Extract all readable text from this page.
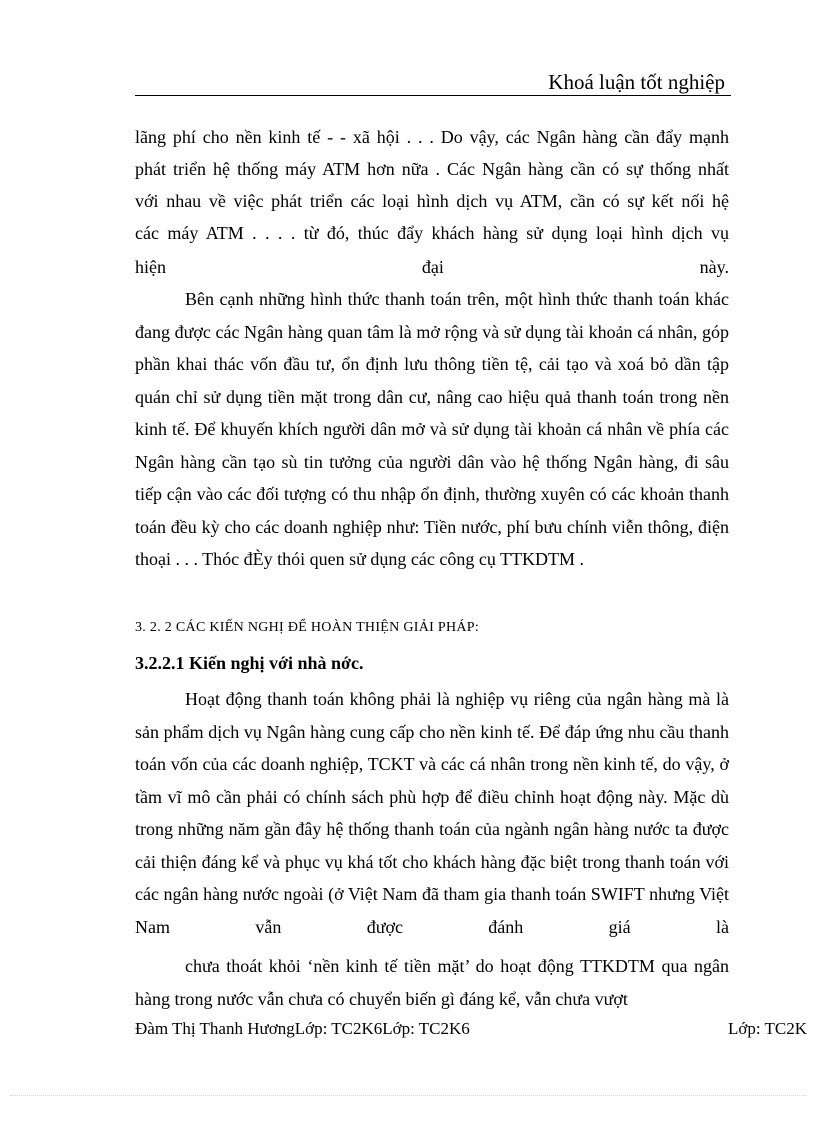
Khoá luận tốt nghiệp

lãng phí cho nền kinh tế - - xã hội . . . Do vậy, các Ngân hàng cần đẩy mạnh

phát triển hệ thống máy ATM hơn nữa . Các Ngân hàng cần có sự thống nhất

với nhau về việc phát triển các loại hình dịch vụ ATM, cần có sự kết nối hệ

các máy ATM . . . . từ đó, thúc đẩy khách hàng sử dụng loại hình dịch vụ

hiện đại này.

Bên cạnh những hình thức thanh toán trên, một hình thức thanh toán khác đang được các Ngân hàng quan tâm là mở rộng và sử dụng tài khoản cá nhân, góp phần khai thác vốn đầu tư, ổn định lưu thông tiền tệ, cải tạo và xoá bỏ dần tập quán chỉ sử dụng tiền mặt trong dân cư, nâng cao hiệu quả thanh toán trong nền kinh tế. Để khuyến khích người dân mở và sử dụng tài khoản cá nhân về phía các Ngân hàng cần tạo sù tin tưởng của người dân vào hệ thống Ngân hàng, đi sâu tiếp cận vào các đối tượng có thu nhập ổn định, thường xuyên có các khoản thanh toán đều kỳ cho các doanh nghiệp như: Tiền nước, phí bưu chính viễn thông, điện thoại . . . Thóc đÈy thói quen sử dụng các công cụ TTKDTM .

3. 2. 2 CÁC KIẾN NGHỊ ĐỂ HOÀN THIỆN GIẢI PHÁP:
3.2.2.1 Kiến nghị với nhà nớc.

Hoạt động thanh toán không phải là nghiệp vụ riêng của ngân hàng mà là sản phẩm dịch vụ Ngân hàng cung cấp cho nền kinh tế. Để đáp ứng nhu cầu thanh toán vốn của các doanh nghiệp, TCKT và các cá nhân trong nền kinh tế, do vậy, ở tầm vĩ mô cần phải có chính sách phù hợp để điều chỉnh hoạt động này. Mặc dù trong những năm gần đây hệ thống thanh toán của ngành ngân hàng nước ta được cải thiện đáng kể và phục vụ khá tốt cho khách hàng đặc biệt trong thanh toán với các ngân hàng nước ngoài (ở Việt Nam đã tham gia thanh toán SWIFT nhưng Việt Nam vẫn được đánh giá là

chưa thoát khỏi ‘nền kinh tế tiền mặt’ do hoạt động TTKDTM qua ngân hàng trong nước vẫn chưa có chuyển biến gì đáng kể, vẫn chưa vượt

Đàm Thị Thanh HươngLớp: TC2K6Lớp: TC2K6	Lớp: TC2K
